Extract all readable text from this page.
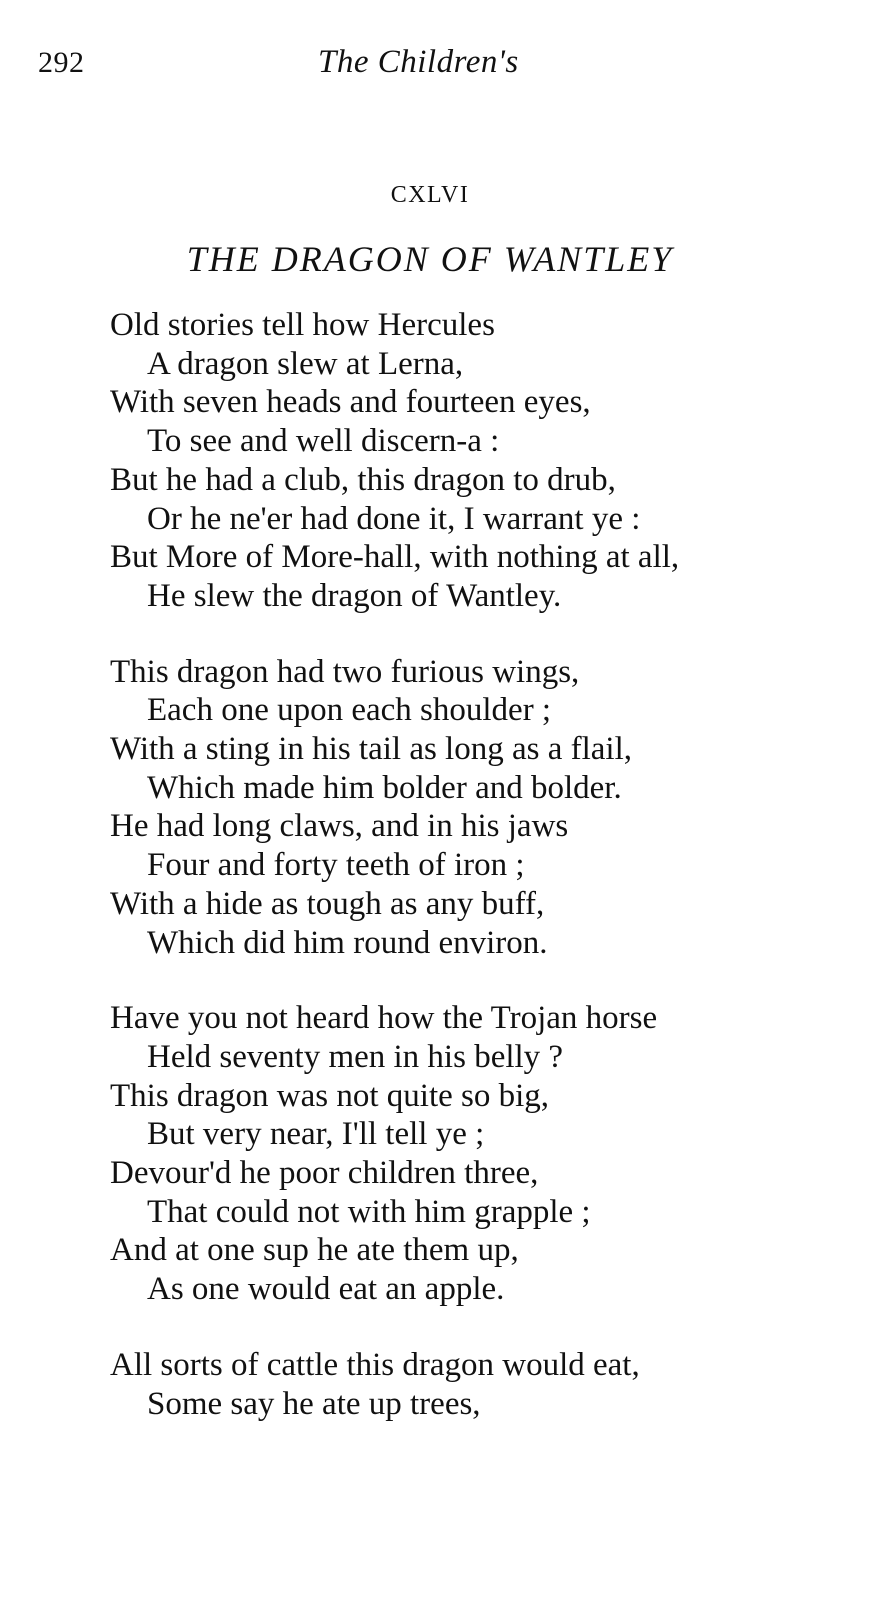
292	The Children's
CXLVI
THE DRAGON OF WANTLEY
Old stories tell how Hercules
A dragon slew at Lerna,
With seven heads and fourteen eyes,
To see and well discern-a :
But he had a club, this dragon to drub,
Or he ne'er had done it, I warrant ye :
But More of More-hall, with nothing at all,
He slew the dragon of Wantley.
This dragon had two furious wings,
Each one upon each shoulder ;
With a sting in his tail as long as a flail,
Which made him bolder and bolder.
He had long claws, and in his jaws
Four and forty teeth of iron ;
With a hide as tough as any buff,
Which did him round environ.
Have you not heard how the Trojan horse
Held seventy men in his belly ?
This dragon was not quite so big,
But very near, I'll tell ye ;
Devour'd he poor children three,
That could not with him grapple ;
And at one sup he ate them up,
As one would eat an apple.
All sorts of cattle this dragon would eat,
Some say he ate up trees,
